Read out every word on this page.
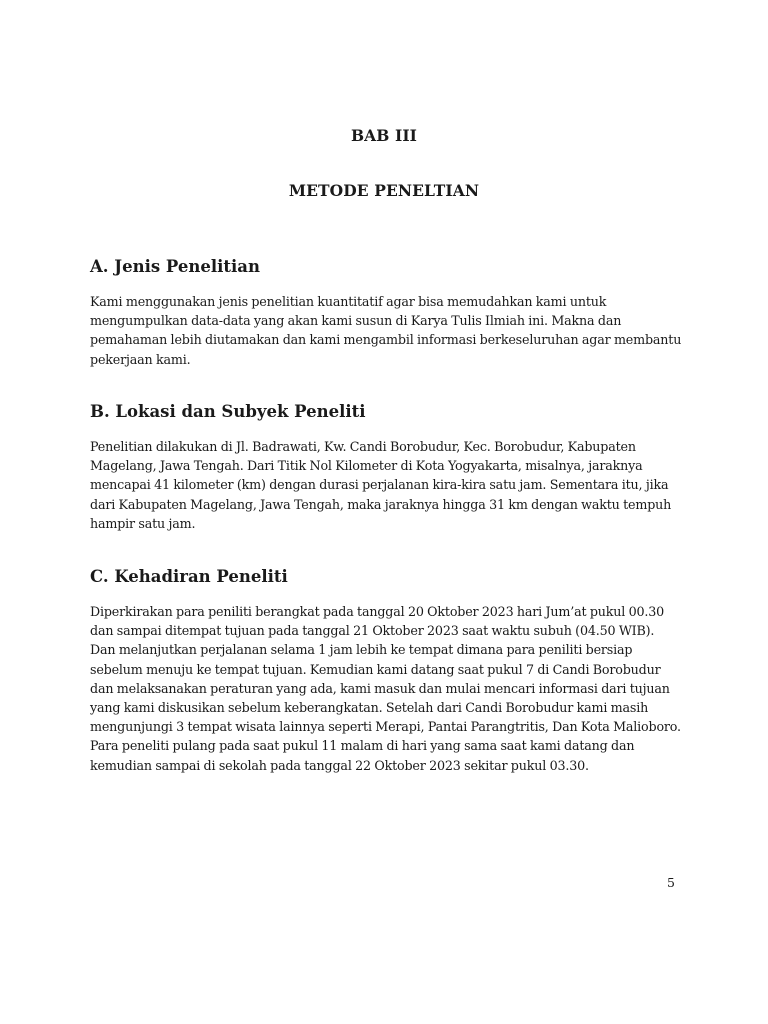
BAB III
METODE PENELTIAN
A. Jenis Penelitian

Kami menggunakan jenis penelitian kuantitatif agar bisa memudahkan kami untuk mengumpulkan data-data yang akan kami susun di Karya Tulis Ilmiah ini. Makna dan pemahaman lebih diutamakan dan kami mengambil informasi berkeseluruhan agar membantu pekerjaan kami.

B. Lokasi dan Subyek Peneliti

Penelitian dilakukan di Jl. Badrawati, Kw. Candi Borobudur, Kec. Borobudur, Kabupaten Magelang, Jawa Tengah. Dari Titik Nol Kilometer di Kota Yogyakarta, misalnya, jaraknya mencapai 41 kilometer (km) dengan durasi perjalanan kira-kira satu jam. Sementara itu, jika dari Kabupaten Magelang, Jawa Tengah, maka jaraknya hingga 31 km dengan waktu tempuh hampir satu jam.

C. Kehadiran Peneliti

Diperkirakan para peniliti berangkat pada tanggal 20 Oktober 2023 hari Jum’at pukul 00.30 dan sampai ditempat tujuan pada tanggal 21 Oktober 2023 saat waktu subuh (04.50 WIB). Dan melanjutkan perjalanan selama 1 jam lebih ke tempat dimana para peniliti bersiap sebelum menuju ke tempat tujuan. Kemudian kami datang saat pukul 7 di Candi Borobudur dan melaksanakan peraturan yang ada, kami masuk dan mulai mencari informasi dari tujuan yang kami diskusikan sebelum keberangkatan. Setelah dari Candi Borobudur kami masih mengunjungi 3 tempat wisata lainnya seperti Merapi, Pantai Parangtritis, Dan Kota Malioboro. Para peneliti pulang pada saat pukul 11 malam di hari yang sama saat kami datang dan kemudian sampai di sekolah pada tanggal 22 Oktober 2023 sekitar pukul 03.30.

5
